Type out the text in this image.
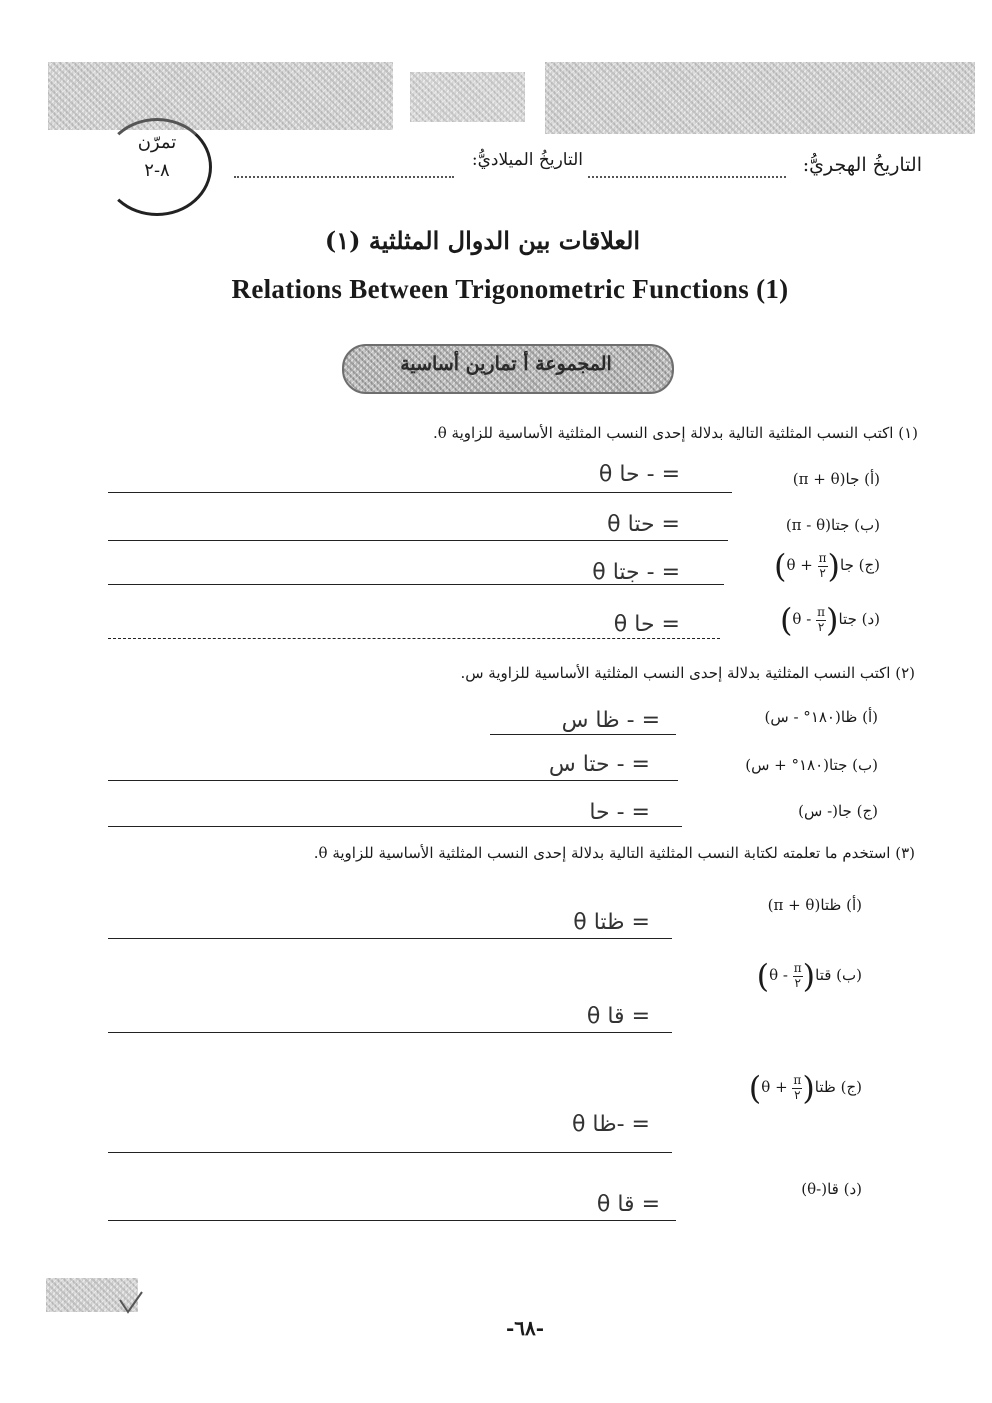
تمرّن
٨-٢	التاريخُ الهجريُّ:
التاريخُ الميلاديُّ:
العلاقات بين الدوال المثلثية (١)
Relations Between Trigonometric Functions (1)
المجموعة أ تمارين أساسية
(١) اكتب النسب المثلثية التالية بدلالة إحدى النسب المثلثية الأساسية للزاوية θ.
(أ) جا(π + θ)
= - حا θ
(ب) جتا(π - θ)
= حتا θ
(ج) جا(
$\frac{\pi}{٢}$
+ θ)
= - جتا θ
(د) جتا(
$\frac{\pi}{٢}$
- θ)
= حا θ
(٢) اكتب النسب المثلثية بدلالة إحدى النسب المثلثية الأساسية للزاوية س.
(أ) ظا(١٨٠° - س)
= - ظا س
(ب) جتا(١٨٠° + س)
= - حتا س
(ج) جا(- س)
= - حا
(٣) استخدم ما تعلمته لكتابة النسب المثلثية التالية بدلالة إحدى النسب المثلثية الأساسية للزاوية θ.
(أ) ظتا(π + θ)
= ظتا θ
(ب) قتا(
$\frac{\pi}{٢}$
- θ)
= قا θ
(ج) ظتا(
$\frac{\pi}{٢}$
+ θ)
= -ظا θ
(د) قا(-θ)
= قا θ
-٦٨-
